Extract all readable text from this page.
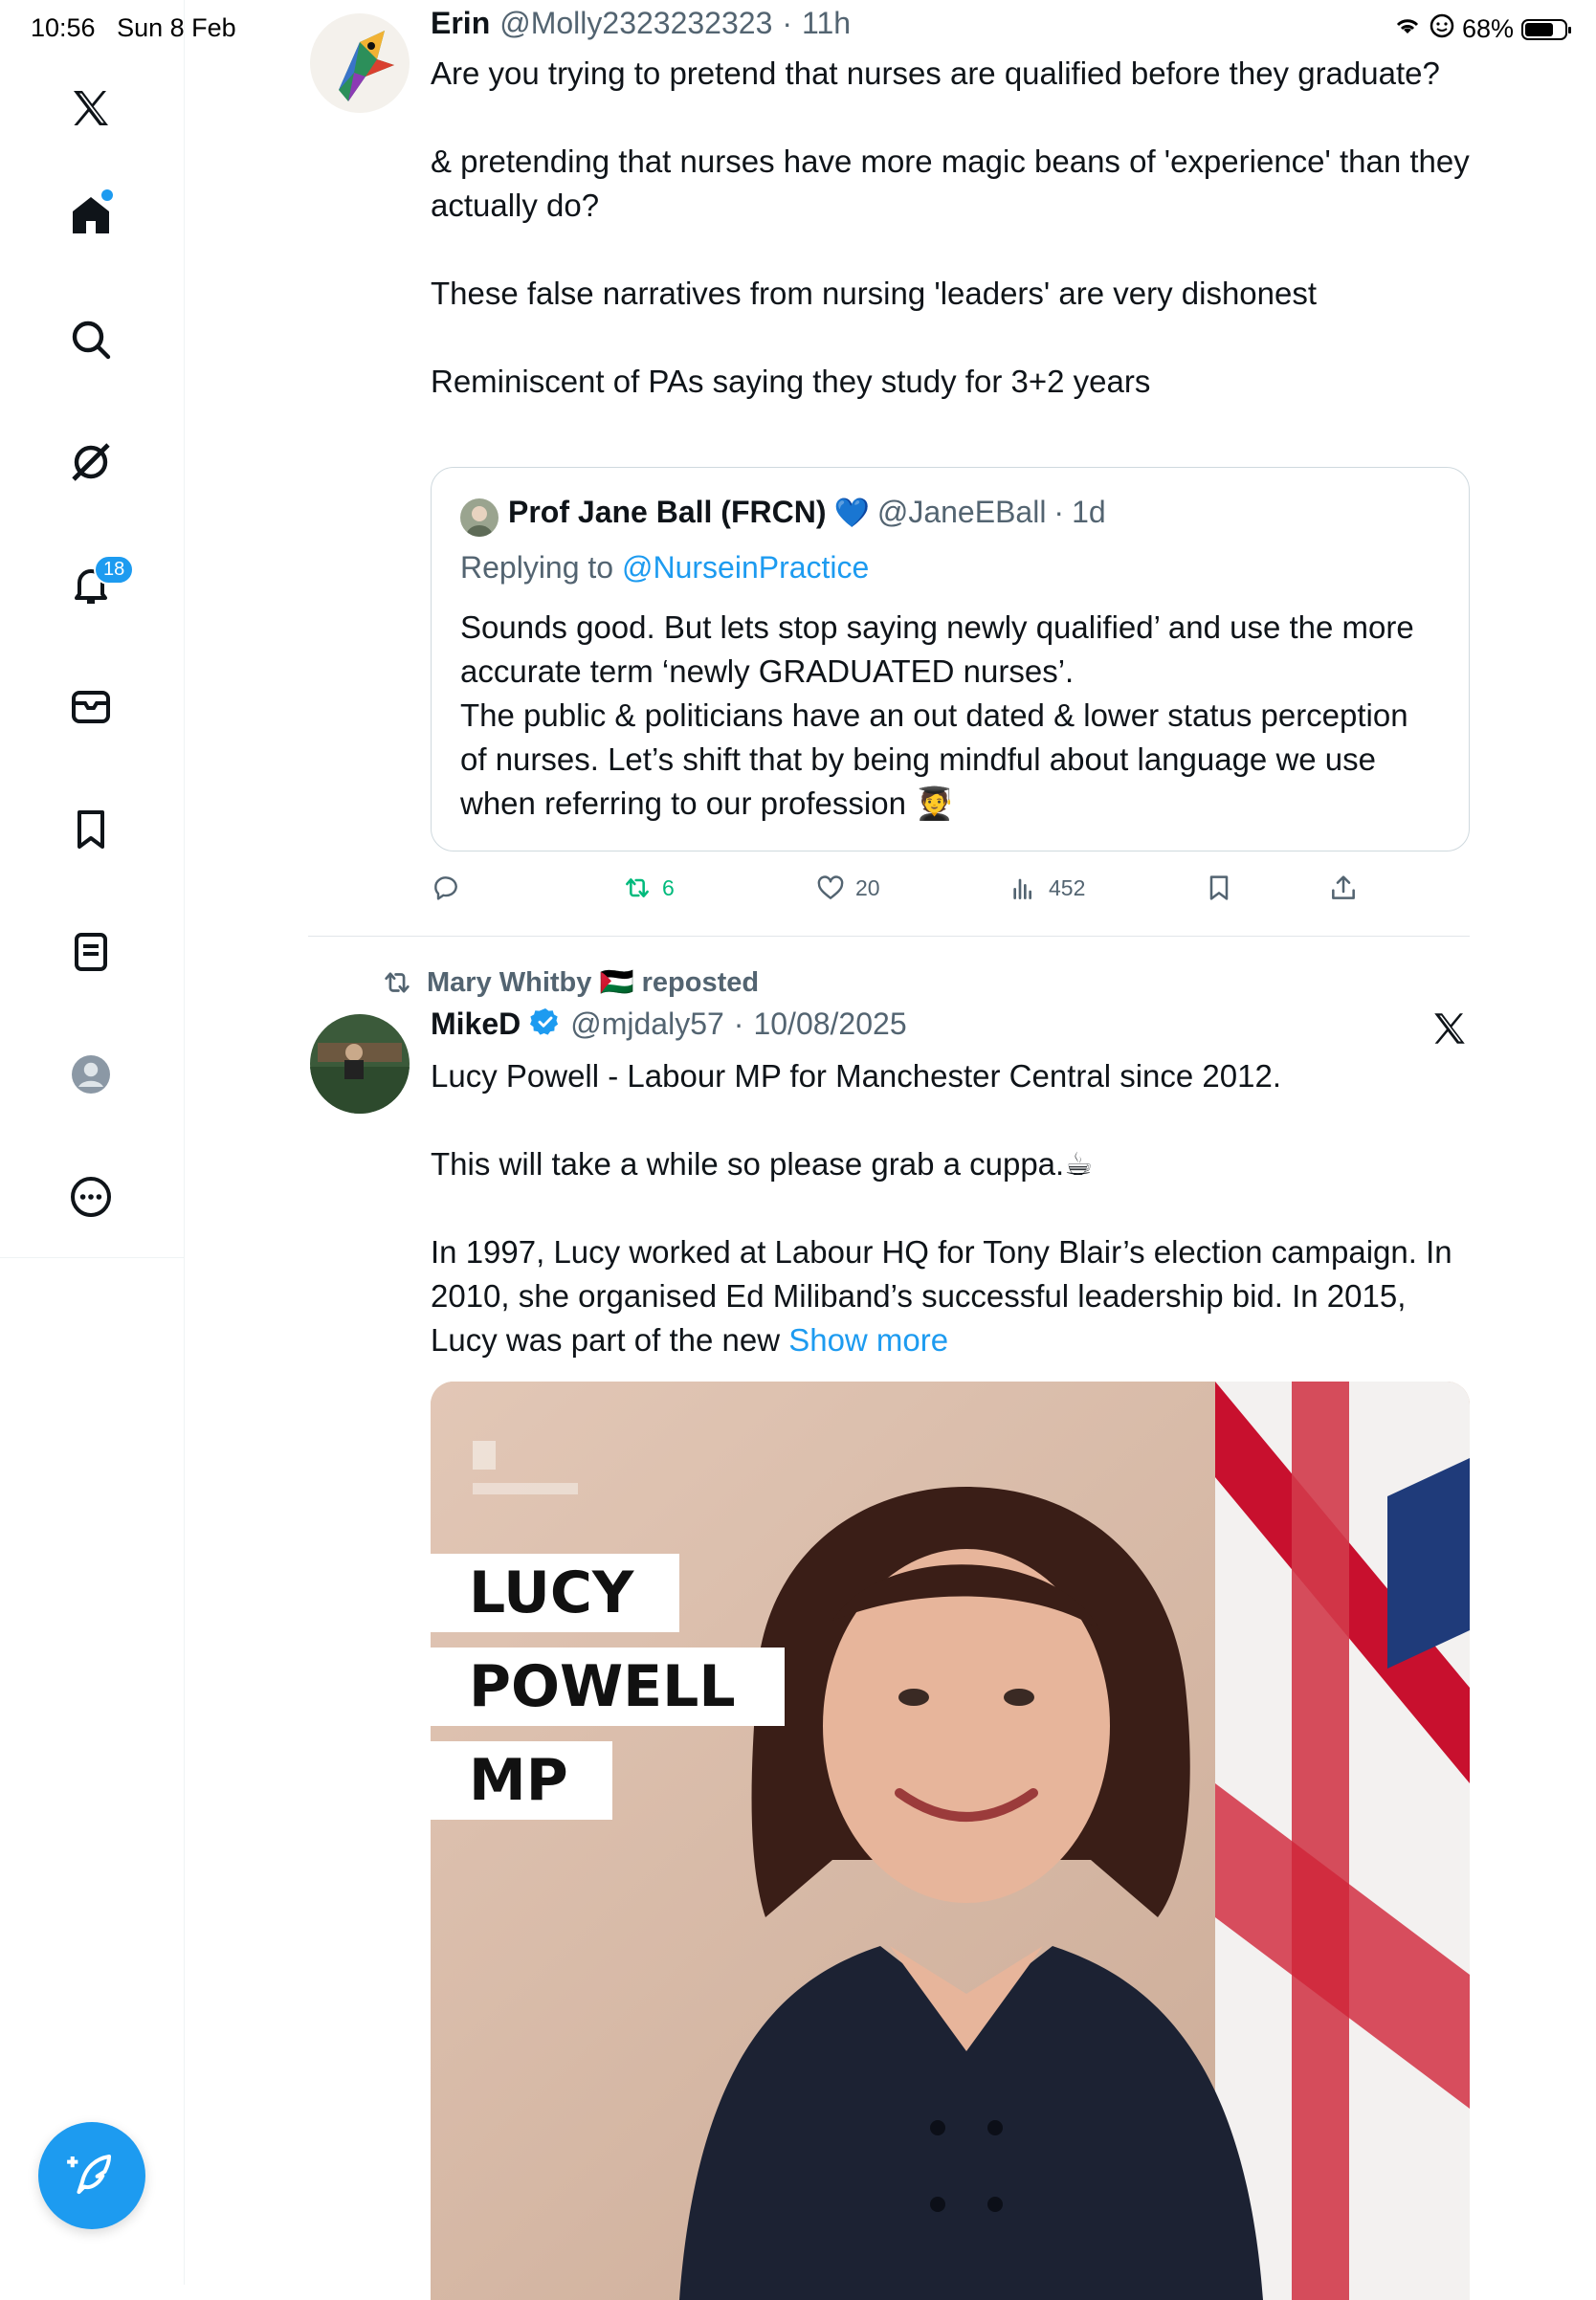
10:56 Sun 8 Feb	68%
18
Erin @Molly2323232323 · 11h
Are you trying to pretend that nurses are qualified before they graduate?

& pretending that nurses have more magic beans of 'experience' than they actually do?

These false narratives from nursing 'leaders' are very dishonest

Reminiscent of PAs saying they study for 3+2 years
Prof Jane Ball (FRCN) 💙 @JaneEBall · 1d
Replying to @NurseinPractice
Sounds good. But lets stop saying newly qualified’ and use the more accurate term ‘newly GRADUATED nurses’.
The public & politicians have an out dated & lower status perception of nurses. Let’s shift that by being mindful about language we use when referring to our profession 🧑‍🎓
6	20	452
Mary Whitby 🇵🇸 reposted
MikeD @mjdaly57 · 10/08/2025
Lucy Powell - Labour MP for Manchester Central since 2012.

This will take a while so please grab a cuppa.☕

In 1997, Lucy worked at Labour HQ for Tony Blair’s election campaign. In 2010, she organised Ed Miliband’s successful leadership bid. In 2015, Lucy was part of the new Show more
LUCY
POWELL
MP
